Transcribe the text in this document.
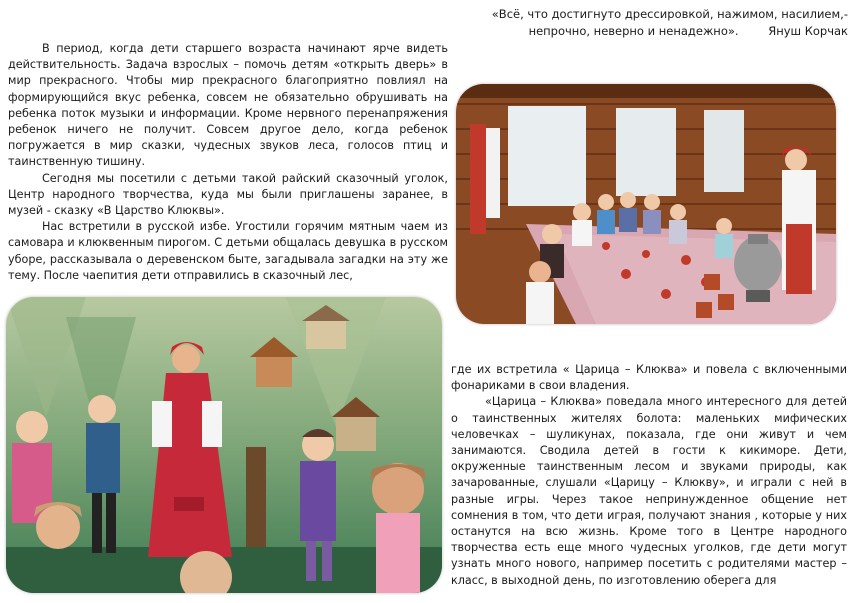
«Всё, что достигнуто дрессировкой, нажимом, насилием,-
непрочно, неверно и ненадежно».	Януш Корчак

В период, когда дети старшего возраста начинают ярче видеть действительность. Задача взрослых – помочь детям «открыть дверь» в мир прекрасного. Чтобы мир прекрасного благоприятно повлиял на формирующийся вкус ребенка, совсем не обязательно обрушивать на ребенка поток музыки и информации. Кроме нервного перенапряжения ребенок ничего не получит. Совсем другое дело, когда ребенок погружается в мир сказки, чудесных звуков леса, голосов птиц и таинственную тишину.

Сегодня мы посетили с детьми такой райский сказочный уголок, Центр народного творчества, куда мы были приглашены заранее, в музей - сказку «В Царство Клюквы».

Нас встретили в русской избе. Угостили горячим мятным чаем из самовара и клюквенным пирогом. С детьми общалась девушка в русском уборе, рассказывала о деревенском быте, загадывала загадки на эту же тему. После чаепития дети отправились в сказочный лес,

где их встретила « Царица – Клюква» и повела с включенными фонариками в свои владения.

«Царица – Клюква» поведала много интересного для детей о таинственных жителях болота: маленьких мифических человечках – шуликунах, показала, где они живут и чем занимаются. Сводила детей в гости к кикиморе. Дети, окруженные таинственным лесом и звуками природы, как зачарованные, слушали «Царицу – Клюкву», и играли с ней в разные игры. Через такое непринужденное общение нет сомнения в том, что дети играя, получают знания , которые у них останутся на всю жизнь. Кроме того в Центре народного творчества есть еще много чудесных уголков, где дети могут узнать много нового, например посетить с родителями мастер – класс, в выходной день, по изготовлению оберега для
